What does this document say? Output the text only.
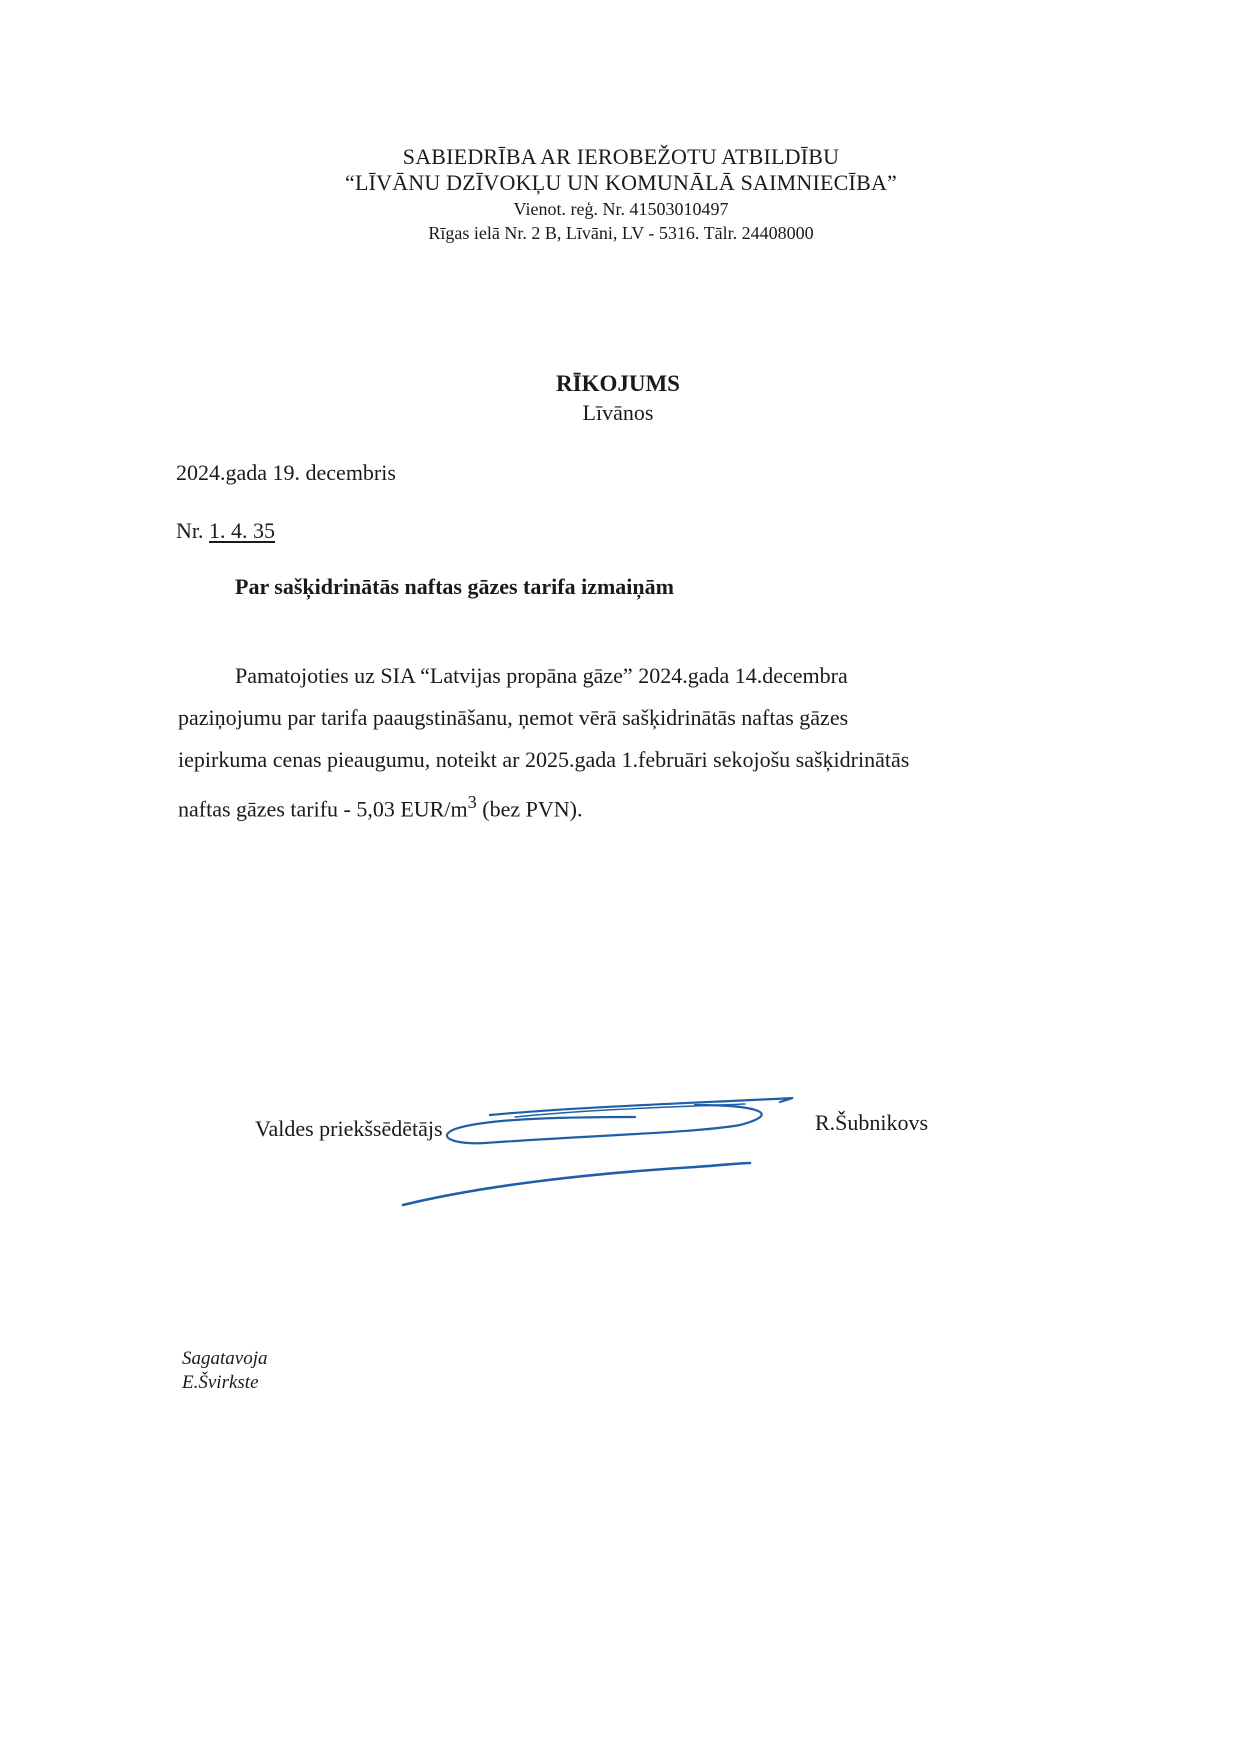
SABIEDRĪBA AR IEROBEŽOTU ATBILDĪBU
“LĪVĀNU DZĪVOKĻU UN KOMUNĀLĀ SAIMNIECĪBA”
Vienot. reģ. Nr. 41503010497
Rīgas ielā Nr. 2 B, Līvāni, LV - 5316. Tālr. 24408000
RĪKOJUMS
Līvānos
2024.gada 19. decembris
Nr. 1. 4. 35
Par sašķidrinātās naftas gāzes tarifa izmaiņām

Pamatojoties uz SIA “Latvijas propāna gāze” 2024.gada 14.decembra

paziņojumu par tarifa paaugstināšanu, ņemot vērā sašķidrinātās naftas gāzes

iepirkuma cenas pieaugumu, noteikt ar 2025.gada 1.februāri sekojošu sašķidrinātās

naftas gāzes tarifu - 5,03 EUR/$m^3$ (bez PVN).

Valdes priekšsēdētājs	R.Šubnikovs
Sagatavoja
E.Švirkste
